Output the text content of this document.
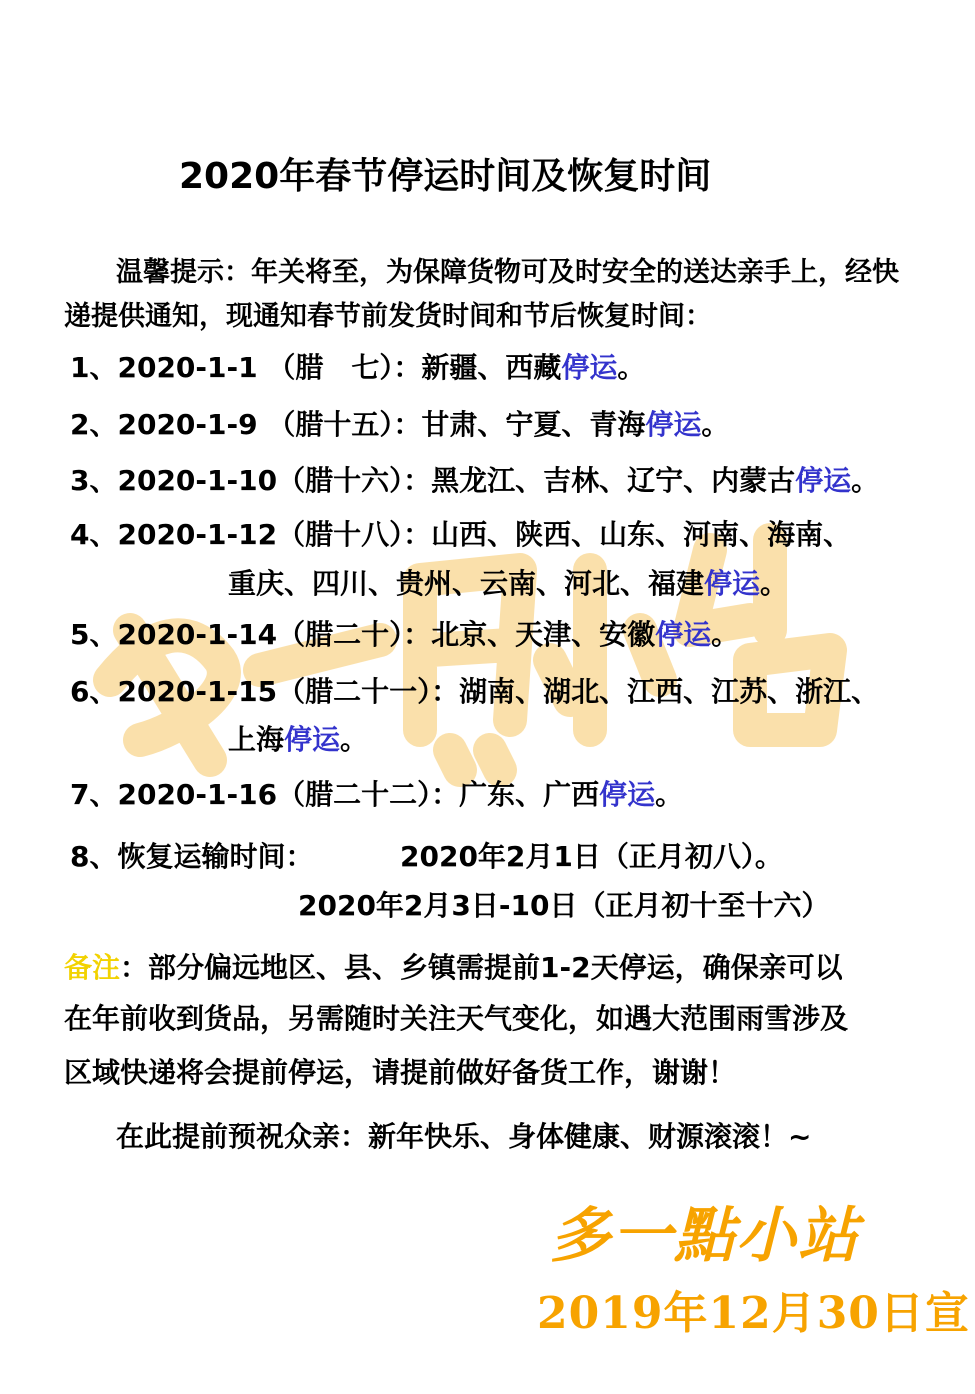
2020年春节停运时间及恢复时间
温馨提示：年关将至，为保障货物可及时安全的送达亲手上，经快
递提供通知，现通知春节前发货时间和节后恢复时间：
1、2020-1-1 （腊　七）：新疆、西藏停运。
2、2020-1-9 （腊十五）：甘肃、宁夏、青海停运。
3、2020-1-10（腊十六）：黑龙江、吉林、辽宁、内蒙古停运。
4、2020-1-12（腊十八）：山西、陕西、山东、河南、海南、
重庆、四川、贵州、云南、河北、福建停运。
5、2020-1-14（腊二十）：北京、天津、安徽停运。
6、2020-1-15（腊二十一）：湖南、湖北、江西、江苏、浙江、
上海停运。
7、2020-1-16（腊二十二）：广东、广西停运。
8、恢复运输时间：	2020年2月1日（正月初八）。
2020年2月3日-10日（正月初十至十六）
备注：部分偏远地区、县、乡镇需提前1-2天停运，确保亲可以
在年前收到货品，另需随时关注天气变化，如遇大范围雨雪涉及
区域快递将会提前停运，请提前做好备货工作，谢谢！
在此提前预祝众亲：新年快乐、身体健康、财源滚滚！~
多一點小站
2019年12月30日宣
